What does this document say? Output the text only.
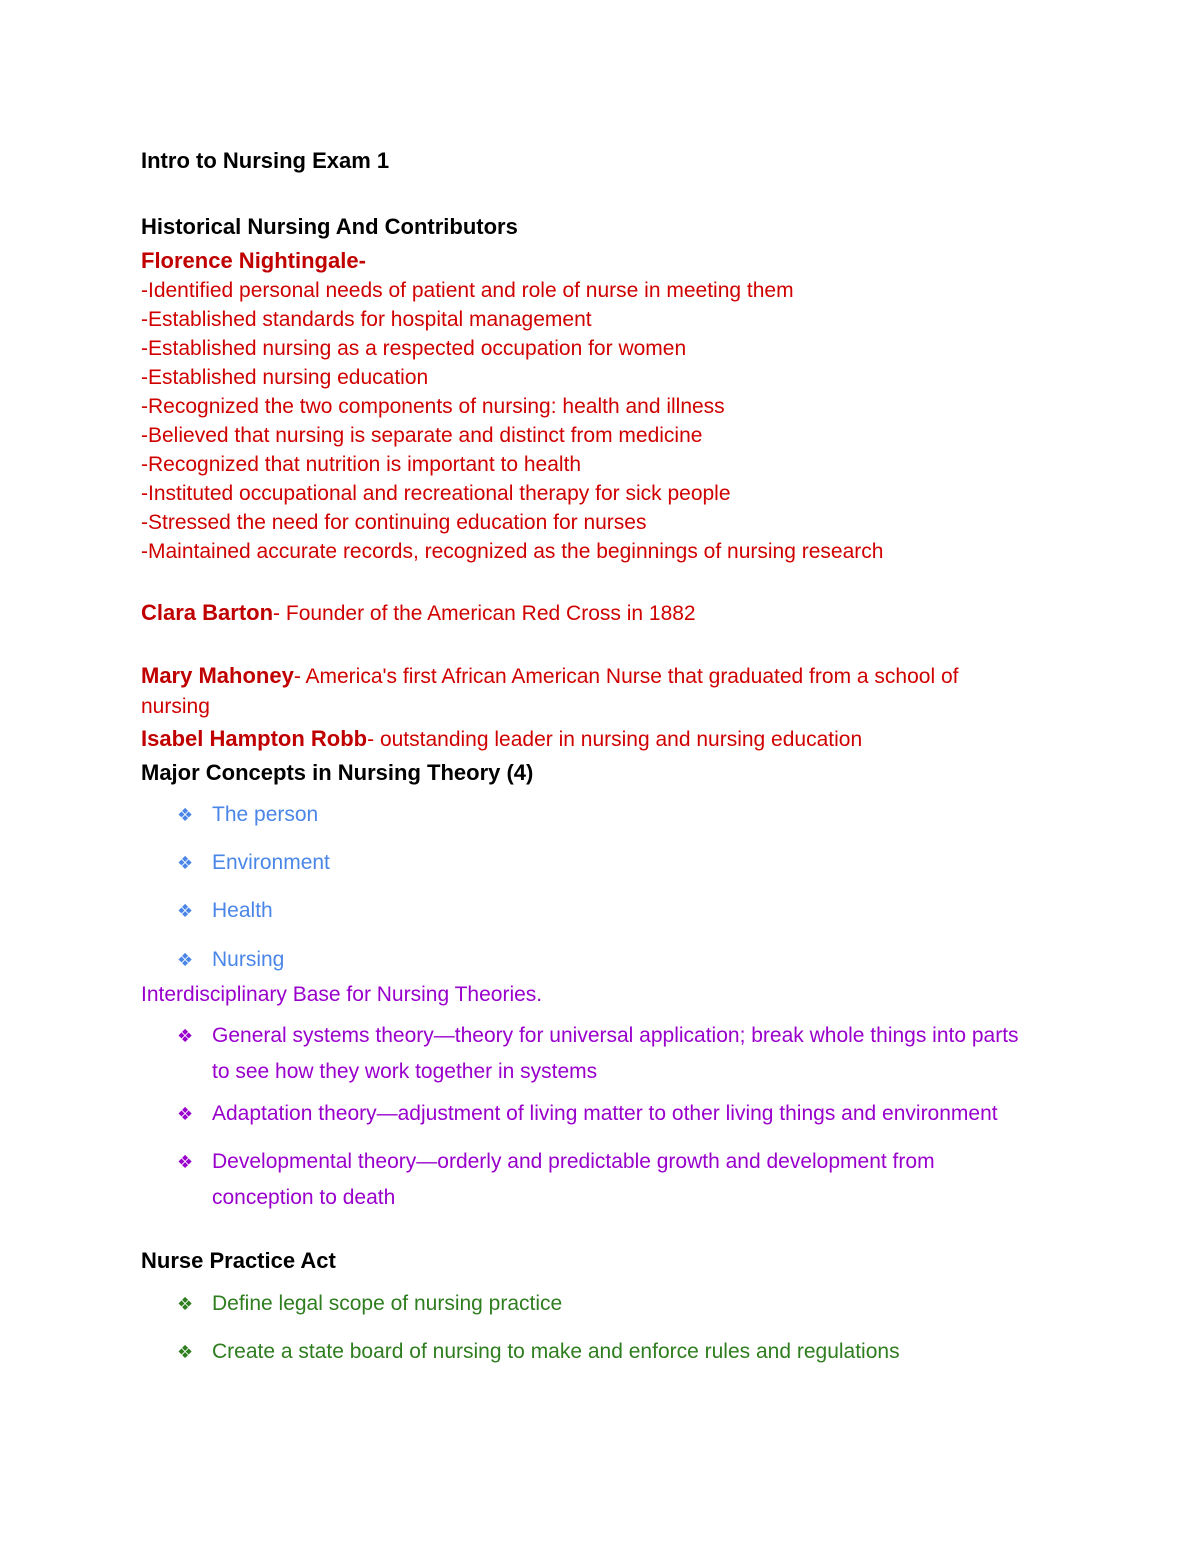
Intro to Nursing Exam 1
Historical Nursing And Contributors
Florence Nightingale-
-Identified personal needs of patient and role of nurse in meeting them
-Established standards for hospital management
-Established nursing as a respected occupation for women
-Established nursing education
-Recognized the two components of nursing: health and illness
-Believed that nursing is separate and distinct from medicine
-Recognized that nutrition is important to health
-Instituted occupational and recreational therapy for sick people
-Stressed the need for continuing education for nurses
-Maintained accurate records, recognized as the beginnings of nursing research
Clara Barton- Founder of the American Red Cross in 1882
Mary Mahoney- America's first African American Nurse that graduated from a school of
nursing
Isabel Hampton Robb- outstanding leader in nursing and nursing education
Major Concepts in Nursing Theory (4)
❖ The person
❖ Environment
❖ Health
❖ Nursing
Interdisciplinary Base for Nursing Theories.
❖ General systems theory—theory for universal application; break whole things into parts
to see how they work together in systems
❖ Adaptation theory—adjustment of living matter to other living things and environment
❖ Developmental theory—orderly and predictable growth and development from
conception to death
Nurse Practice Act
❖ Define legal scope of nursing practice
❖ Create a state board of nursing to make and enforce rules and regulations
